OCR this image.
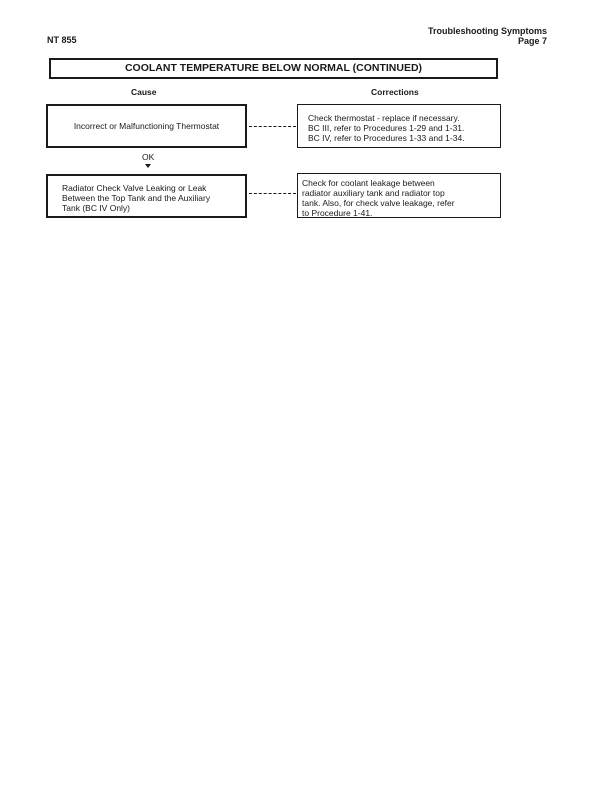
NT 855
Troubleshooting Symptoms
Page 7
COOLANT TEMPERATURE BELOW NORMAL (CONTINUED)
Cause	Corrections
Incorrect or Malfunctioning Thermostat
Check thermostat - replace if necessary.
BC III, refer to Procedures 1-29 and 1-31.
BC IV, refer to Procedures 1-33 and 1-34.
OK
Radiator Check Valve Leaking or Leak
Between the Top Tank and the Auxiliary
Tank (BC IV Only)
Check for coolant leakage between
radiator auxiliary tank and radiator top
tank. Also, for check valve leakage, refer
to Procedure 1-41.
